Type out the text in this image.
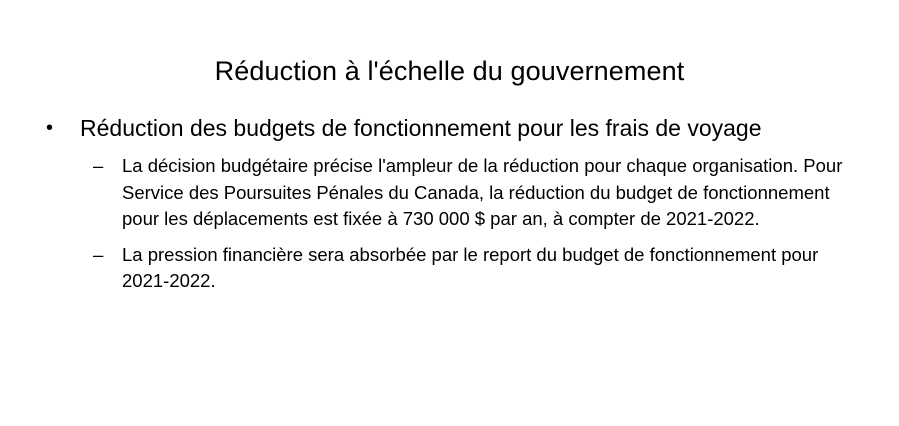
Réduction à l'échelle du gouvernement
• Réduction des budgets de fonctionnement pour les frais de voyage
– La décision budgétaire précise l'ampleur de la réduction pour chaque organisation. Pour Service des Poursuites Pénales du Canada, la réduction du budget de fonctionnement pour les déplacements est fixée à 730 000 $ par an, à compter de 2021-2022.
– La pression financière sera absorbée par le report du budget de fonctionnement pour 2021-2022.
